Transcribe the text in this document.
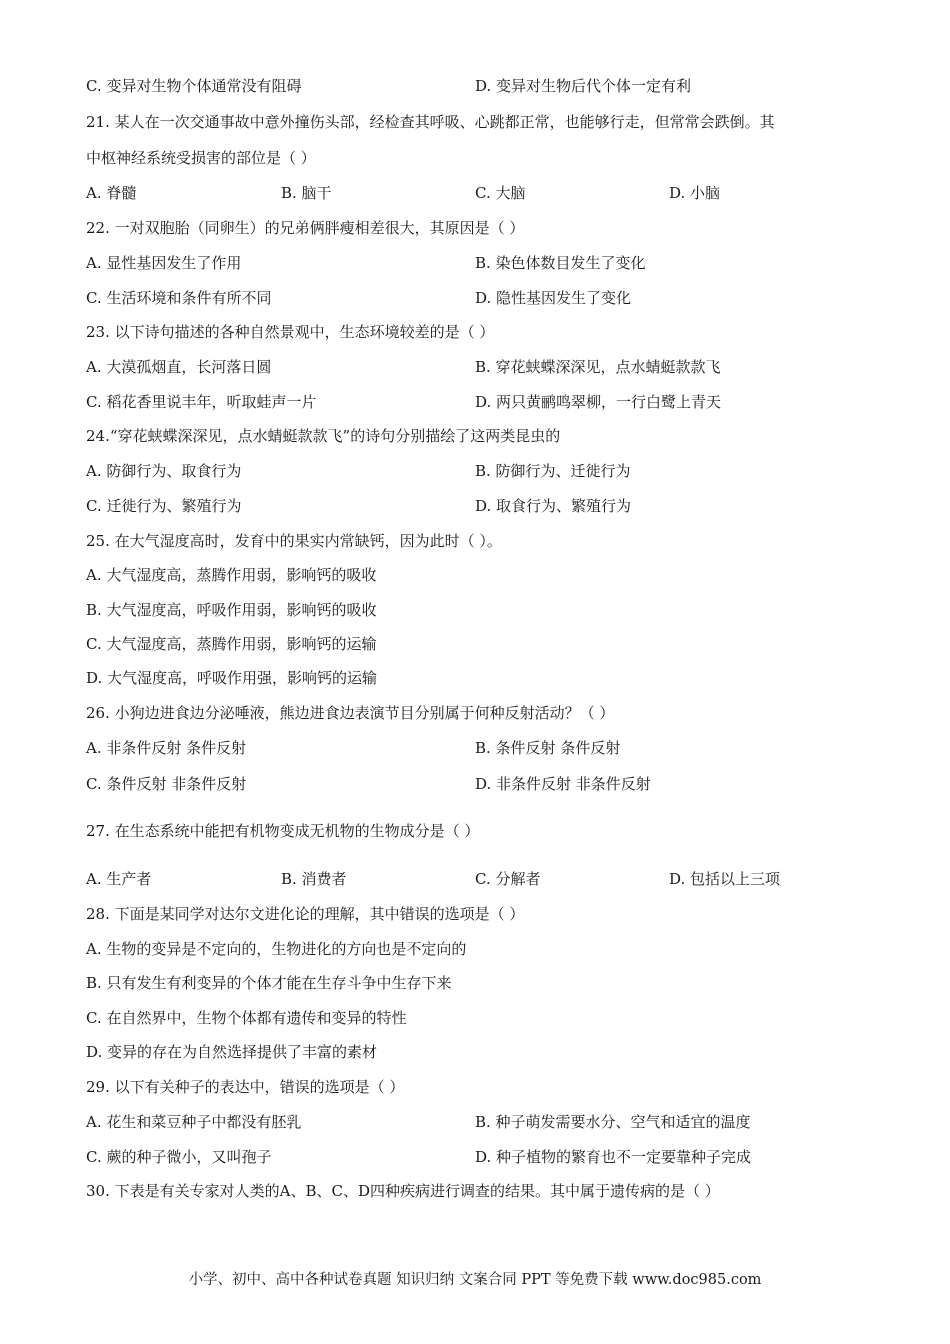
C. 变异对生物个体通常没有阻碍	D. 变异对生物后代个体一定有利
21. 某人在一次交通事故中意外撞伤头部，经检查其呼吸、心跳都正常，也能够行走，但常常会跌倒。其
中枢神经系统受损害的部位是（ ）
A. 脊髓	B. 脑干	C. 大脑	D. 小脑
22. 一对双胞胎（同卵生）的兄弟俩胖瘦相差很大，其原因是（ ）
A. 显性基因发生了作用	B. 染色体数目发生了变化
C. 生活环境和条件有所不同	D. 隐性基因发生了变化
23. 以下诗句描述的各种自然景观中，生态环境较差的是（ ）
A. 大漠孤烟直，长河落日圆	B. 穿花蛱蝶深深见，点水蜻蜓款款飞
C. 稻花香里说丰年，听取蛙声一片	D. 两只黄鹂鸣翠柳，一行白鹭上青天
24.“穿花蛱蝶深深见，点水蜻蜓款款飞”的诗句分别描绘了这两类昆虫的
A. 防御行为、取食行为	B. 防御行为、迁徙行为
C. 迁徙行为、繁殖行为	D. 取食行为、繁殖行为
25. 在大气湿度高时，发育中的果实内常缺钙，因为此时（ ）。
A. 大气湿度高，蒸腾作用弱，影响钙的吸收
B. 大气湿度高，呼吸作用弱，影响钙的吸收
C. 大气湿度高，蒸腾作用弱，影响钙的运输
D. 大气湿度高，呼吸作用强，影响钙的运输
26. 小狗边进食边分泌唾液，熊边进食边表演节目分别属于何种反射活动？（ ）
A. 非条件反射 条件反射	B. 条件反射 条件反射
C. 条件反射 非条件反射	D. 非条件反射 非条件反射
27. 在生态系统中能把有机物变成无机物的生物成分是（ ）
A. 生产者	B. 消费者	C. 分解者	D. 包括以上三项
28. 下面是某同学对达尔文进化论的理解，其中错误的选项是（ ）
A. 生物的变异是不定向的，生物进化的方向也是不定向的
B. 只有发生有利变异的个体才能在生存斗争中生存下来
C. 在自然界中，生物个体都有遗传和变异的特性
D. 变异的存在为自然选择提供了丰富的素材
29. 以下有关种子的表达中，错误的选项是（ ）
A. 花生和菜豆种子中都没有胚乳	B. 种子萌发需要水分、空气和适宜的温度
C. 蕨的种子微小，又叫孢子	D. 种子植物的繁育也不一定要靠种子完成
30. 下表是有关专家对人类的A、B、C、D四种疾病进行调查的结果。其中属于遗传病的是（ ）
小学、初中、高中各种试卷真题 知识归纳 文案合同 PPT 等免费下载 www.doc985.com
